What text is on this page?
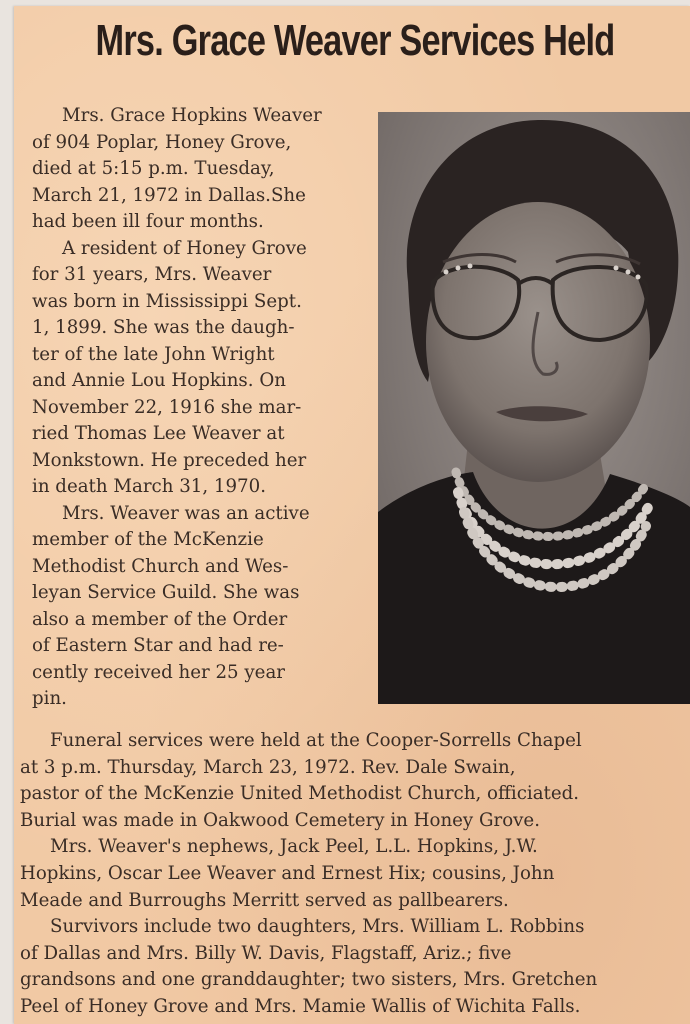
Mrs. Grace Weaver Services Held
Mrs. Grace Hopkins Weaver
of 904 Poplar, Honey Grove,
died at 5:15 p.m. Tuesday,
March 21, 1972 in Dallas.She
had been ill four months.
A resident of Honey Grove
for 31 years, Mrs. Weaver
was born in Mississippi Sept.
1, 1899. She was the daugh-
ter of the late John Wright
and Annie Lou Hopkins. On
November 22, 1916 she mar-
ried Thomas Lee Weaver at
Monkstown. He preceded her
in death March 31, 1970.
Mrs. Weaver was an active
member of the McKenzie
Methodist Church and Wes-
leyan Service Guild. She was
also a member of the Order
of Eastern Star and had re-
cently received her 25 year
pin.
Funeral services were held at the Cooper-Sorrells Chapel
at 3 p.m. Thursday, March 23, 1972. Rev. Dale Swain,
pastor of the McKenzie United Methodist Church, officiated.
Burial was made in Oakwood Cemetery in Honey Grove.
Mrs. Weaver's nephews, Jack Peel, L.L. Hopkins, J.W.
Hopkins, Oscar Lee Weaver and Ernest Hix; cousins, John
Meade and Burroughs Merritt served as pallbearers.
Survivors include two daughters, Mrs. William L. Robbins
of Dallas and Mrs. Billy W. Davis, Flagstaff, Ariz.; five
grandsons and one granddaughter; two sisters, Mrs. Gretchen
Peel of Honey Grove and Mrs. Mamie Wallis of Wichita Falls.
